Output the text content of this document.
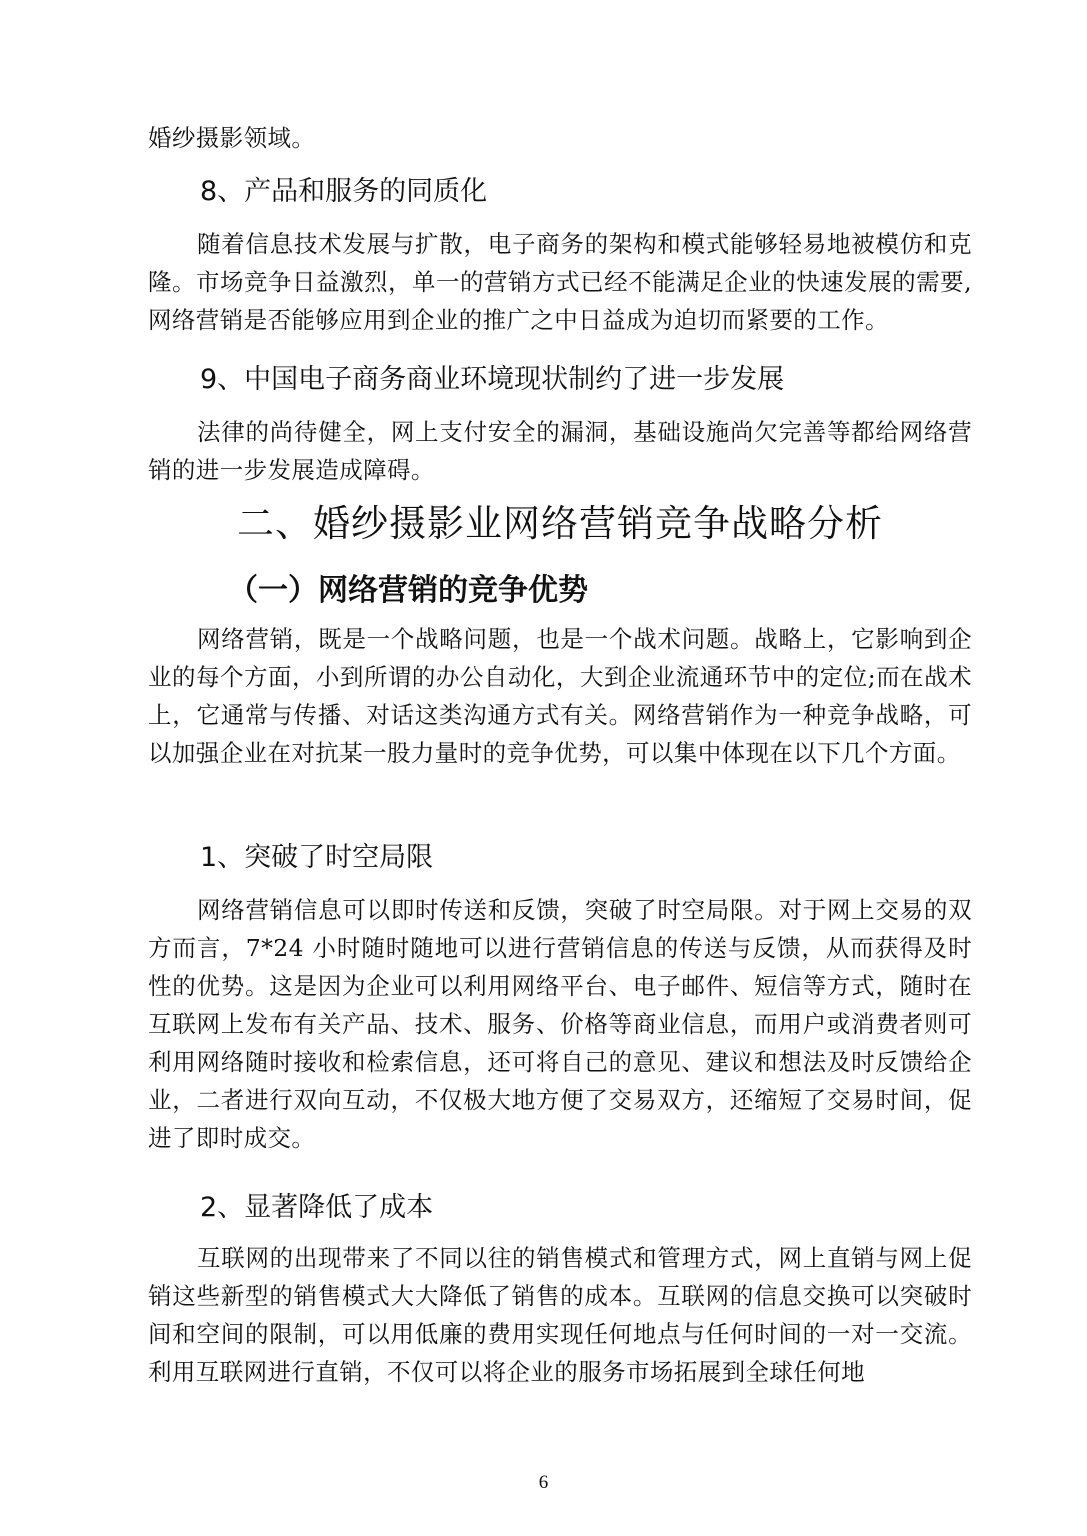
婚纱摄影领域。

8、产品和服务的同质化

随着信息技术发展与扩散，电子商务的架构和模式能够轻易地被模仿和克隆。市场竞争日益激烈，单一的营销方式已经不能满足企业的快速发展的需要,网络营销是否能够应用到企业的推广之中日益成为迫切而紧要的工作。

9、中国电子商务商业环境现状制约了进一步发展

法律的尚待健全，网上支付安全的漏洞，基础设施尚欠完善等都给网络营销的进一步发展造成障碍。

二、婚纱摄影业网络营销竞争战略分析
（一）网络营销的竞争优势

网络营销，既是一个战略问题，也是一个战术问题。战略上，它影响到企业的每个方面，小到所谓的办公自动化，大到企业流通环节中的定位;而在战术上，它通常与传播、对话这类沟通方式有关。网络营销作为一种竞争战略，可以加强企业在对抗某一股力量时的竞争优势，可以集中体现在以下几个方面。

1、突破了时空局限

网络营销信息可以即时传送和反馈，突破了时空局限。对于网上交易的双方而言，7*24 小时随时随地可以进行营销信息的传送与反馈，从而获得及时性的优势。这是因为企业可以利用网络平台、电子邮件、短信等方式，随时在互联网上发布有关产品、技术、服务、价格等商业信息，而用户或消费者则可利用网络随时接收和检索信息，还可将自己的意见、建议和想法及时反馈给企业，二者进行双向互动，不仅极大地方便了交易双方，还缩短了交易时间，促进了即时成交。

2、显著降低了成本

互联网的出现带来了不同以往的销售模式和管理方式，网上直销与网上促销这些新型的销售模式大大降低了销售的成本。互联网的信息交换可以突破时间和空间的限制，可以用低廉的费用实现任何地点与任何时间的一对一交流。利用互联网进行直销，不仅可以将企业的服务市场拓展到全球任何地

6
